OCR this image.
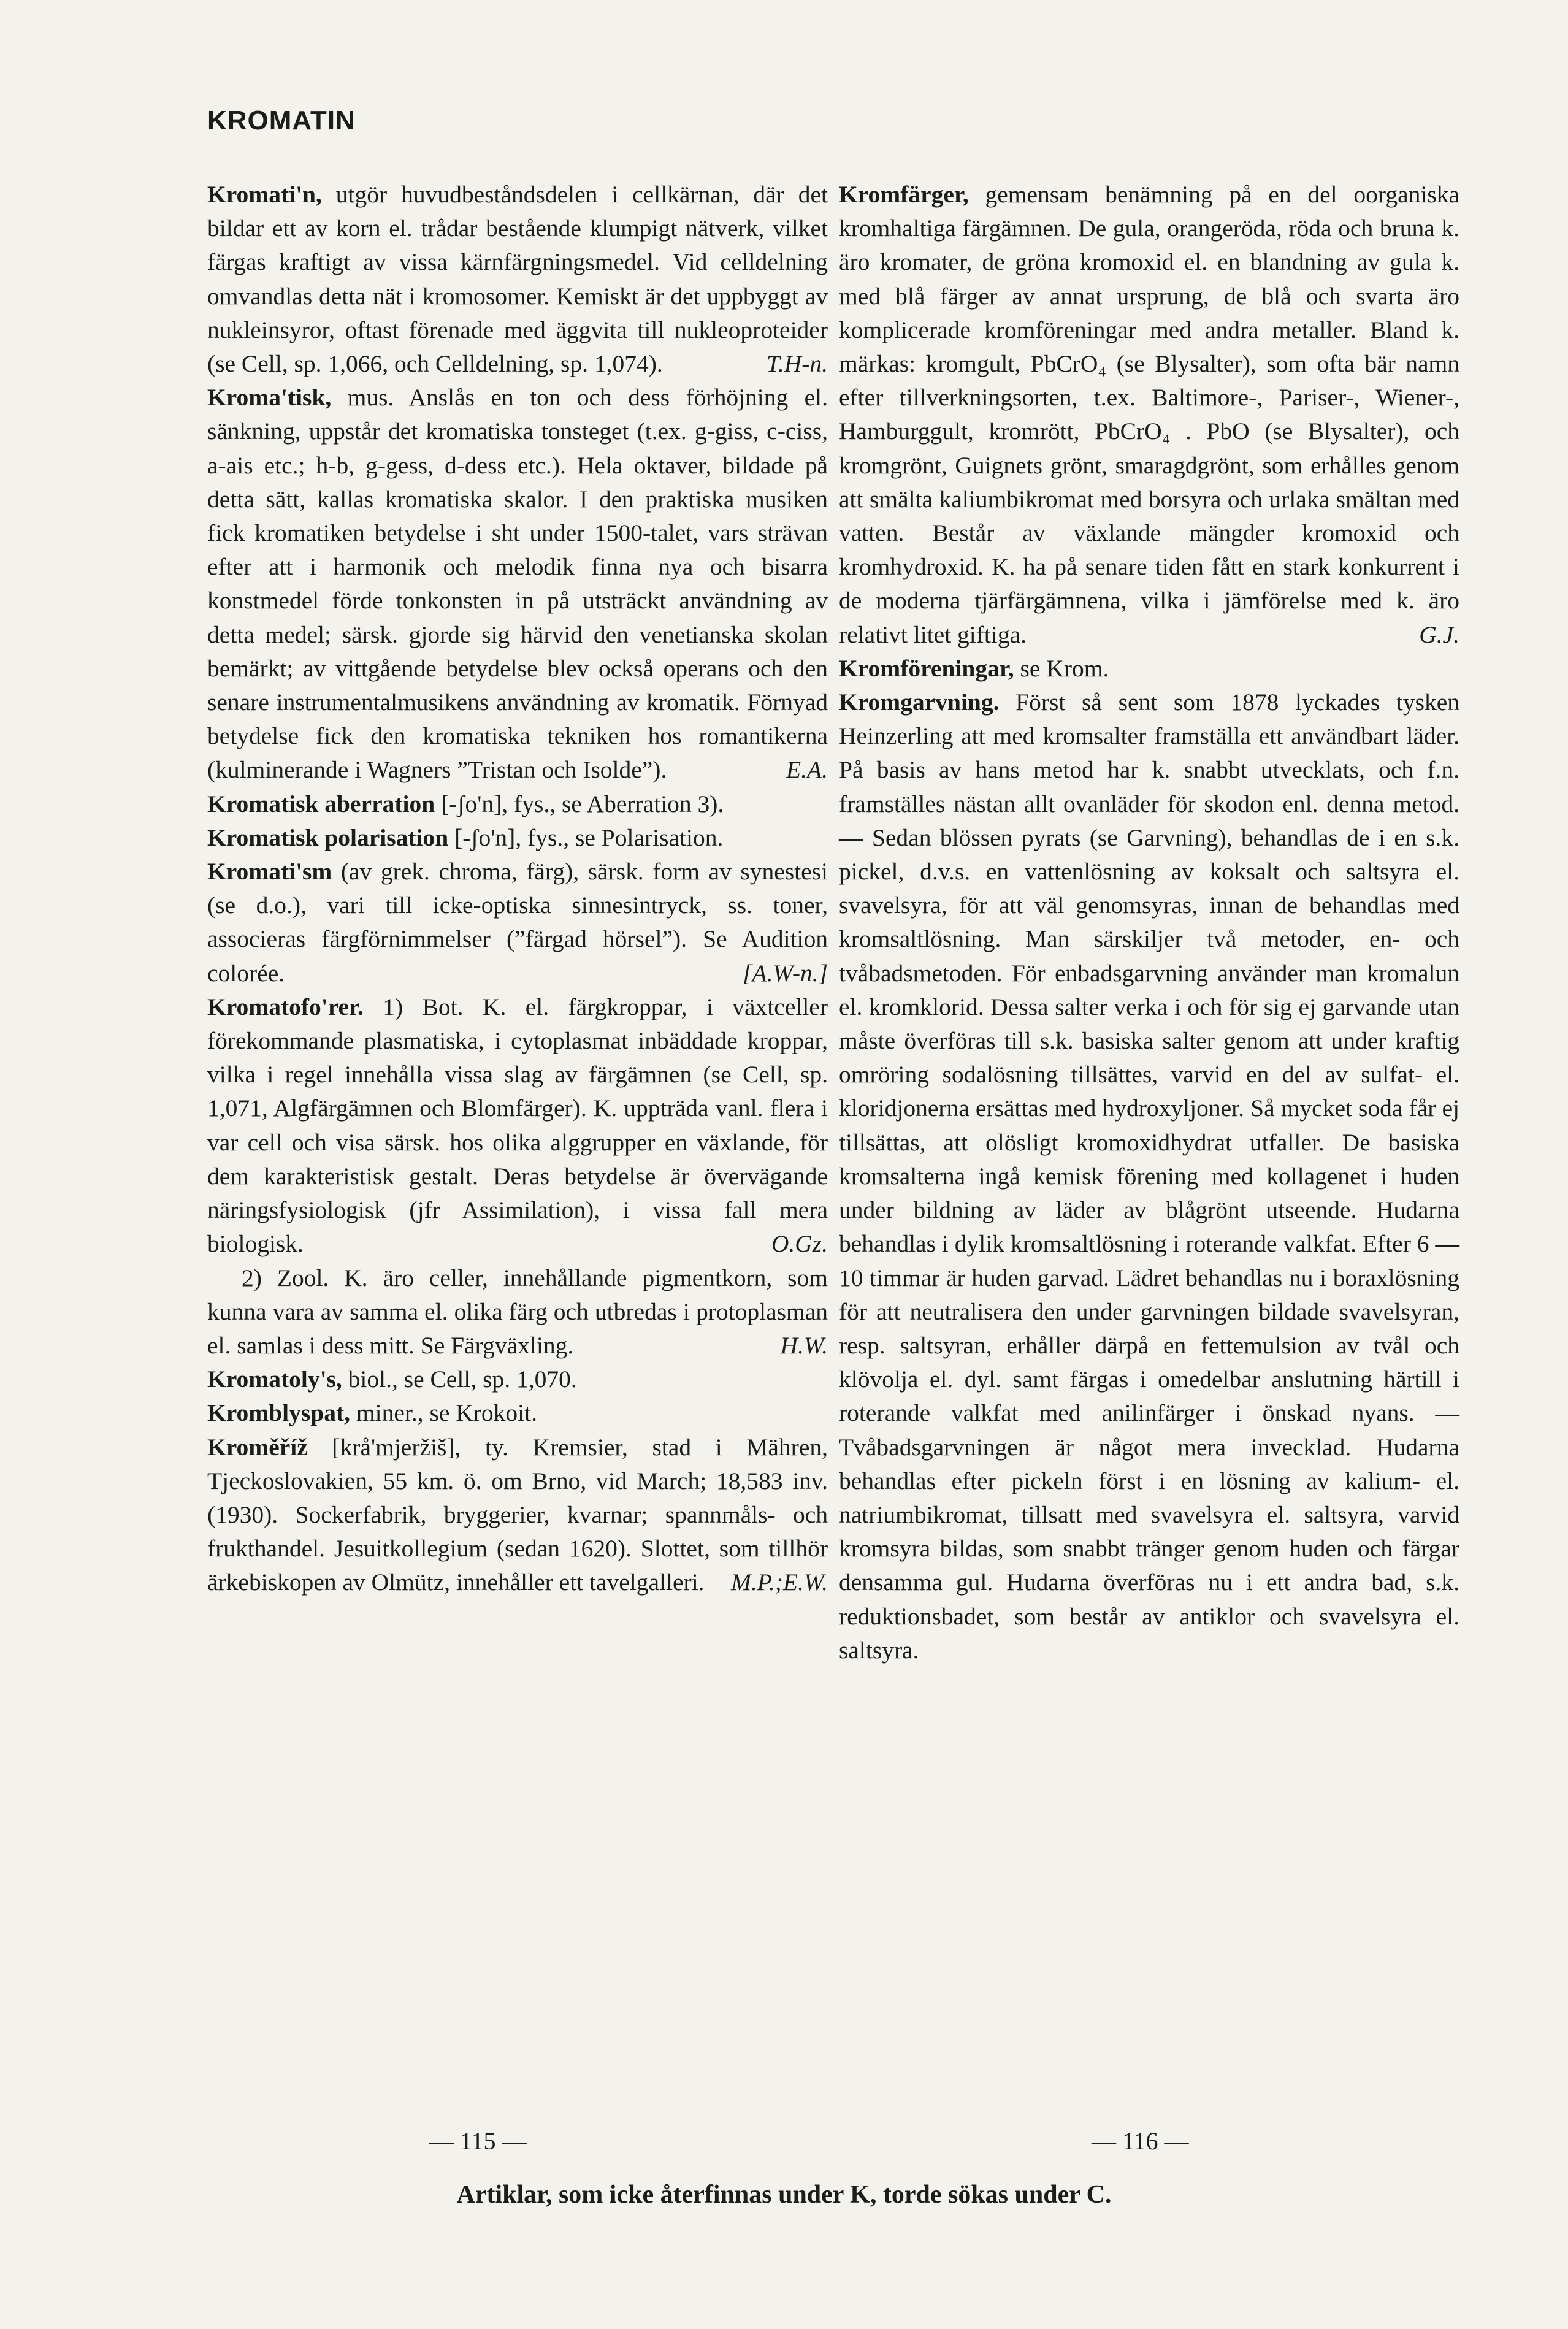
KROMATIN

Kromati'n, utgör huvudbeståndsdelen i cellkärnan, där det bildar ett av korn el. trådar bestående klumpigt nätverk, vilket färgas kraftigt av vissa kärnfärgningsmedel. Vid celldelning omvandlas detta nät i kromosomer. Kemiskt är det uppbyggt av nukleinsyror, oftast förenade med äggvita till nukleoproteider (se Cell, sp. 1,066, och Celldelning, sp. 1,074).	T.H-n.

Kroma'tisk, mus. Anslås en ton och dess förhöjning el. sänkning, uppstår det kromatiska tonsteget (t.ex. g-giss, c-ciss, a-ais etc.; h-b, g-gess, d-dess etc.). Hela oktaver, bildade på detta sätt, kallas kromatiska skalor. I den praktiska musiken fick kromatiken betydelse i sht under 1500-talet, vars strävan efter att i harmonik och melodik finna nya och bisarra konstmedel förde tonkonsten in på utsträckt användning av detta medel; särsk. gjorde sig härvid den venetianska skolan bemärkt; av vittgående betydelse blev också operans och den senare instrumentalmusikens användning av kromatik. Förnyad betydelse fick den kromatiska tekniken hos romantikerna (kulminerande i Wagners ”Tristan och Isolde”).	E.A.

Kromatisk aberration [-ʃo'n], fys., se Aberration 3).

Kromatisk polarisation [-ʃo'n], fys., se Polarisation.

Kromati'sm (av grek. chroma, färg), särsk. form av synestesi (se d.o.), vari till icke-optiska sinnesintryck, ss. toner, associeras färgförnimmelser (”färgad hörsel”). Se Audition colorée.	[A.W-n.]

Kromatofo'rer. 1) Bot. K. el. färgkroppar, i växtceller förekommande plasmatiska, i cytoplasmat inbäddade kroppar, vilka i regel innehålla vissa slag av färgämnen (se Cell, sp. 1,071, Algfärgämnen och Blomfärger). K. uppträda vanl. flera i var cell och visa särsk. hos olika alggrupper en växlande, för dem karakteristisk gestalt. Deras betydelse är övervägande näringsfysiologisk (jfr Assimilation), i vissa fall mera biologisk.	O.Gz.

2) Zool. K. äro celler, innehållande pigmentkorn, som kunna vara av samma el. olika färg och utbredas i protoplasman el. samlas i dess mitt. Se Färgväxling.	H.W.

Kromatoly's, biol., se Cell, sp. 1,070.

Kromblyspat, miner., se Krokoit.

Kroměříž [krå'mjeržiš], ty. Kremsier, stad i Mähren, Tjeckoslovakien, 55 km. ö. om Brno, vid March; 18,583 inv. (1930). Sockerfabrik, bryggerier, kvarnar; spannmåls- och frukthandel. Jesuitkollegium (sedan 1620). Slottet, som tillhör ärkebiskopen av Olmütz, innehåller ett tavelgalleri. M.P.;E.W.

Kromfärger, gemensam benämning på en del oorganiska kromhaltiga färgämnen. De gula, orangeröda, röda och bruna k. äro kromater, de gröna kromoxid el. en blandning av gula k. med blå färger av annat ursprung, de blå och svarta äro komplicerade kromföreningar med andra metaller. Bland k. märkas: kromgult, PbCrO₄ (se Blysalter), som ofta bär namn efter tillverkningsorten, t.ex. Baltimore-, Pariser-, Wiener-, Hamburggult, kromrött, PbCrO₄ . PbO (se Blysalter), och kromgrönt, Guignets grönt, smaragdgrönt, som erhålles genom att smälta kaliumbikromat med borsyra och urlaka smältan med vatten. Består av växlande mängder kromoxid och kromhydroxid. K. ha på senare tiden fått en stark konkurrent i de moderna tjärfärgämnena, vilka i jämförelse med k. äro relativt litet giftiga.	G.J.

Kromföreningar, se Krom.

Kromgarvning. Först så sent som 1878 lyckades tysken Heinzerling att med kromsalter framställa ett användbart läder. På basis av hans metod har k. snabbt utvecklats, och f.n. framställes nästan allt ovanläder för skodon enl. denna metod. — Sedan blössen pyrats (se Garvning), behandlas de i en s.k. pickel, d.v.s. en vattenlösning av koksalt och saltsyra el. svavelsyra, för att väl genomsyras, innan de behandlas med kromsaltlösning. Man särskiljer två metoder, en- och tvåbadsmetoden. För enbadsgarvning använder man kromalun el. kromklorid. Dessa salter verka i och för sig ej garvande utan måste överföras till s.k. basiska salter genom att under kraftig omröring sodalösning tillsättes, varvid en del av sulfat- el. kloridjonerna ersättas med hydroxyljoner. Så mycket soda får ej tillsättas, att olösligt kromoxidhydrat utfaller. De basiska kromsalterna ingå kemisk förening med kollagenet i huden under bildning av läder av blågrönt utseende. Hudarna behandlas i dylik kromsaltlösning i roterande valkfat. Efter 6 —10 timmar är huden garvad. Lädret behandlas nu i boraxlösning för att neutralisera den under garvningen bildade svavelsyran, resp. saltsyran, erhåller därpå en fettemulsion av tvål och klövolja el. dyl. samt färgas i omedelbar anslutning härtill i roterande valkfat med anilinfärger i önskad nyans. — Tvåbadsgarvningen är något mera invecklad. Hudarna behandlas efter pickeln först i en lösning av kalium- el. natriumbikromat, tillsatt med svavelsyra el. saltsyra, varvid kromsyra bildas, som snabbt tränger genom huden och färgar densamma gul. Hudarna överföras nu i ett andra bad, s.k. reduktionsbadet, som består av antiklor och svavelsyra el. saltsyra.

— 115 —	— 116 —
Artiklar, som icke återfinnas under K, torde sökas under C.
